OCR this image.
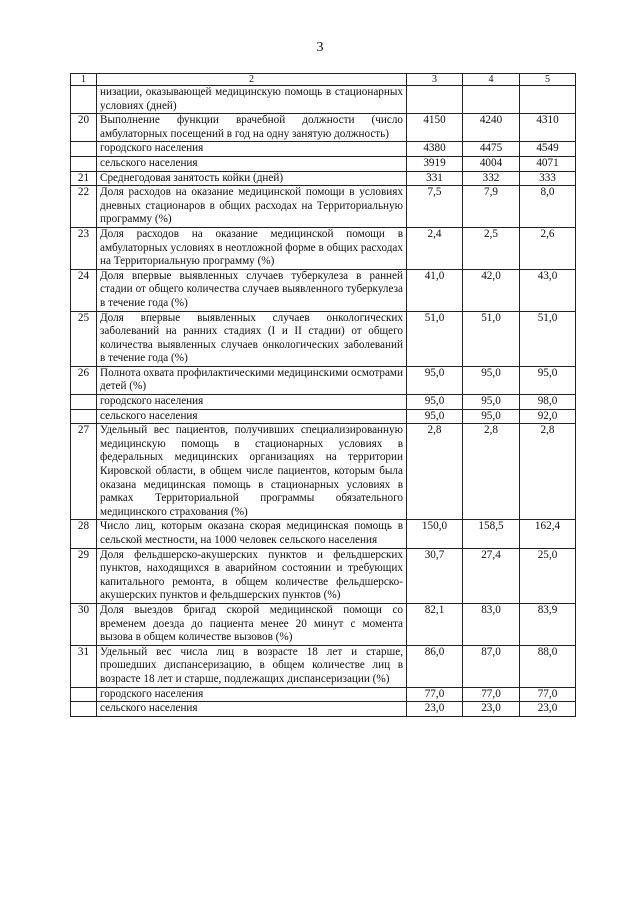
3
1	2	3	4	5
	низации, оказывающей медицинскую помощь в стационарных условиях (дней)			
20	Выполнение функции врачебной должности (число амбулаторных посещений в год на одну занятую должность)	4150	4240	4310
	городского населения	4380	4475	4549
	сельского населения	3919	4004	4071
21	Среднегодовая занятость койки (дней)	331	332	333
22	Доля расходов на оказание медицинской помощи в условиях дневных стационаров в общих расходах на Территориальную программу (%)	7,5	7,9	8,0
23	Доля расходов на оказание медицинской помощи в амбулаторных условиях в неотложной форме в общих расходах на Территориальную программу (%)	2,4	2,5	2,6
24	Доля впервые выявленных случаев туберкулеза в ранней стадии от общего количества случаев выявленного туберкулеза в течение года (%)	41,0	42,0	43,0
25	Доля впервые выявленных случаев онкологических заболеваний на ранних стадиях (I и II стадии) от общего количества выявленных случаев онкологических заболеваний в течение года (%)	51,0	51,0	51,0
26	Полнота охвата профилактическими медицинскими осмотрами детей (%)	95,0	95,0	95,0
	городского населения	95,0	95,0	98,0
	сельского населения	95,0	95,0	92,0
27	Удельный вес пациентов, получивших специализированную медицинскую помощь в стационарных условиях в федеральных медицинских организациях на территории Кировской области, в общем числе пациентов, которым была оказана медицинская помощь в стационарных условиях в рамках Территориальной программы обязательного медицинского страхования (%)	2,8	2,8	2,8
28	Число лиц, которым оказана скорая медицинская помощь в сельской местности, на 1000 человек сельского населения	150,0	158,5	162,4
29	Доля фельдшерско-акушерских пунктов и фельдшерских пунктов, находящихся в аварийном состоянии и требующих капитального ремонта, в общем количестве фельдшерско-акушерских пунктов и фельдшерских пунктов (%)	30,7	27,4	25,0
30	Доля выездов бригад скорой медицинской помощи со временем доезда до пациента менее 20 минут с момента вызова в общем количестве вызовов (%)	82,1	83,0	83,9
31	Удельный вес числа лиц в возрасте 18 лет и старше, прошедших диспансеризацию, в общем количестве лиц в возрасте 18 лет и старше, подлежащих диспансеризации (%)	86,0	87,0	88,0
	городского населения	77,0	77,0	77,0
	сельского населения	23,0	23,0	23,0
